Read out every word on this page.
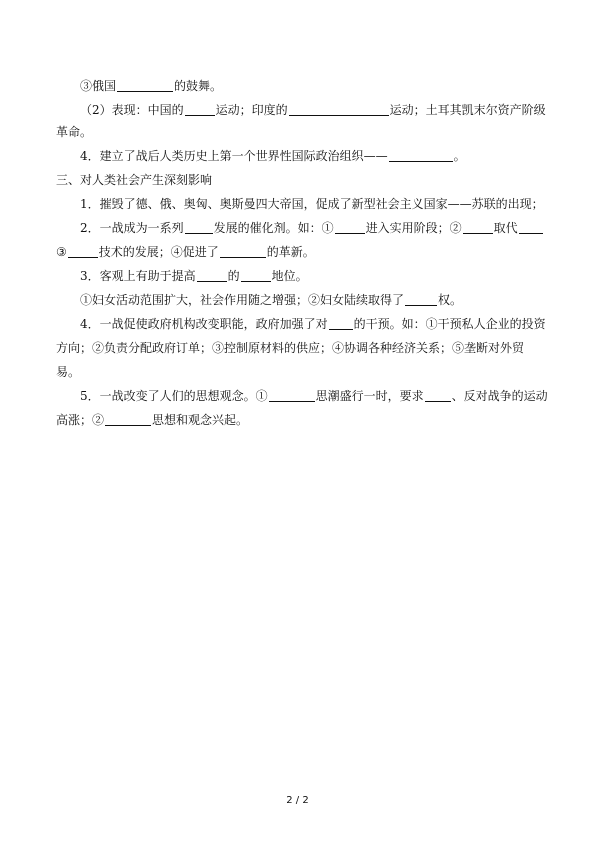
③俄国	的鼓舞。
（2）表现：中国的	运动；印度的	运动；土耳其凯末尔资产阶级
革命。
4．建立了战后人类历史上第一个世界性国际政治组织——	。
三、对人类社会产生深刻影响
1．摧毁了德、俄、奥匈、奥斯曼四大帝国，促成了新型社会主义国家——苏联的出现；
2．一战成为一系列	发展的催化剂。如：①	进入实用阶段；②	取代
③	技术的发展；④促进了	的革新。
3．客观上有助于提高	的	地位。
①妇女活动范围扩大，社会作用随之增强；②妇女陆续取得了	权。
4．一战促使政府机构改变职能，政府加强了对 的干预。如：①干预私人企业的投资
方向；②负责分配政府订单；③控制原材料的供应；④协调各种经济关系；⑤垄断对外贸
易。
5．一战改变了人们的思想观念。①	思潮盛行一时，要求 、反对战争的运动
高涨；②	思想和观念兴起。
2 / 2
